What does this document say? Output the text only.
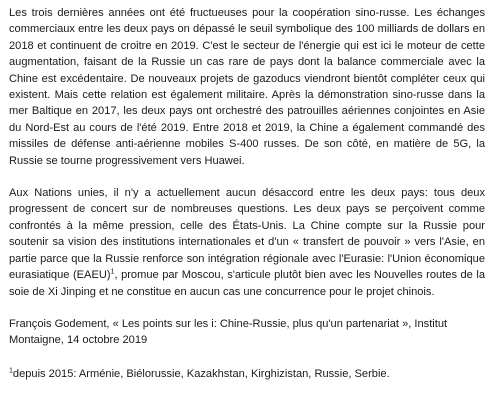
Les trois dernières années ont été fructueuses pour la coopération sino-russe. Les échanges commerciaux entre les deux pays on dépassé le seuil symbolique des 100 milliards de dollars en 2018 et continuent de croitre en 2019. C'est le secteur de l'énergie qui est ici le moteur de cette augmentation, faisant de la Russie un cas rare de pays dont la balance commerciale avec la Chine est excédentaire. De nouveaux projets de gazoducs viendront bientôt compléter ceux qui existent. Mais cette relation est également militaire. Après la démonstration sino-russe dans la mer Baltique en 2017, les deux pays ont orchestré des patrouilles aériennes conjointes en Asie du Nord-Est au cours de l'été 2019. Entre 2018 et 2019, la Chine a également commandé des missiles de défense anti-aérienne mobiles S-400 russes. De son côté, en matière de 5G, la Russie se tourne progressivement vers Huawei.

Aux Nations unies, il n'y a actuellement aucun désaccord entre les deux pays: tous deux progressent de concert sur de nombreuses questions. Les deux pays se perçoivent comme confrontés à la même pression, celle des États-Unis. La Chine compte sur la Russie pour soutenir sa vision des institutions internationales et d'un « transfert de pouvoir » vers l'Asie, en partie parce que la Russie renforce son intégration régionale avec l'Eurasie: l'Union économique eurasiatique (EAEU)$^1$, promue par Moscou, s'articule plutôt bien avec les Nouvelles routes de la soie de Xi Jinping et ne constitue en aucun cas une concurrence pour le projet chinois.

François Godement, « Les points sur les i: Chine-Russie, plus qu'un partenariat », Institut Montaigne, 14 octobre 2019

$^1$depuis 2015: Arménie, Biélorussie, Kazakhstan, Kirghizistan, Russie, Serbie.
